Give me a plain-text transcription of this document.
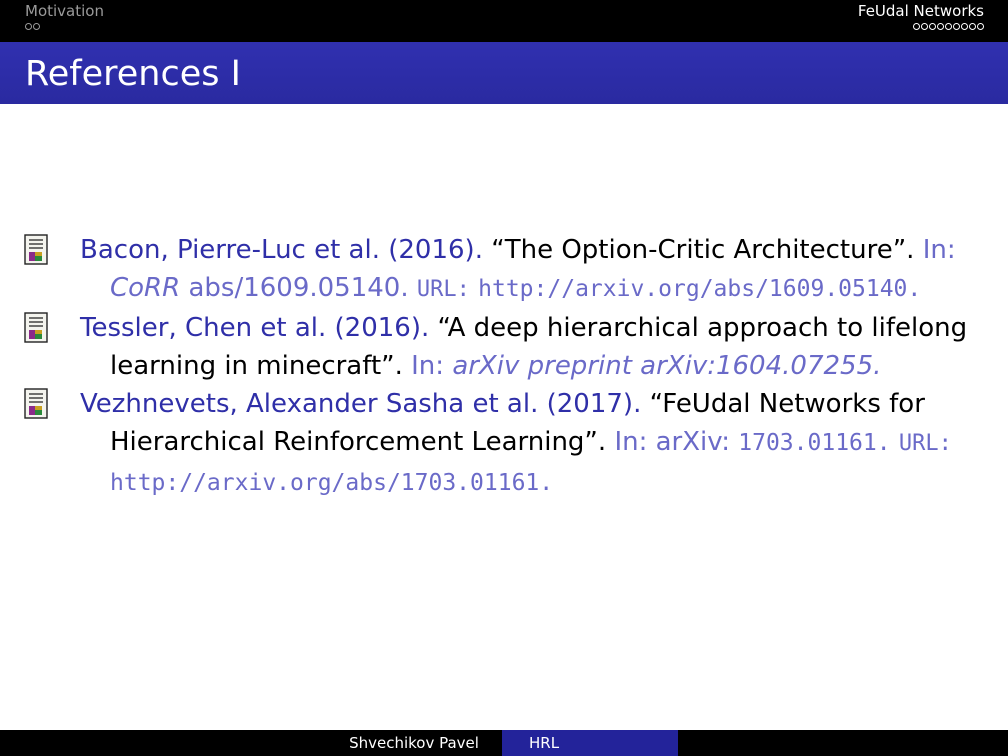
Motivation	FeUdal Networks
References I
Bacon, Pierre-Luc et al. (2016). “The Option-Critic Architecture”. In: CoRR abs/1609.05140. URL: http://arxiv.org/abs/1609.05140.
Tessler, Chen et al. (2016). “A deep hierarchical approach to lifelong learning in minecraft”. In: arXiv preprint arXiv:1604.07255.
Vezhnevets, Alexander Sasha et al. (2017). “FeUdal Networks for Hierarchical Reinforcement Learning”. In: arXiv: 1703.01161. URL: http://arxiv.org/abs/1703.01161.
Shvechikov Pavel	HRL
